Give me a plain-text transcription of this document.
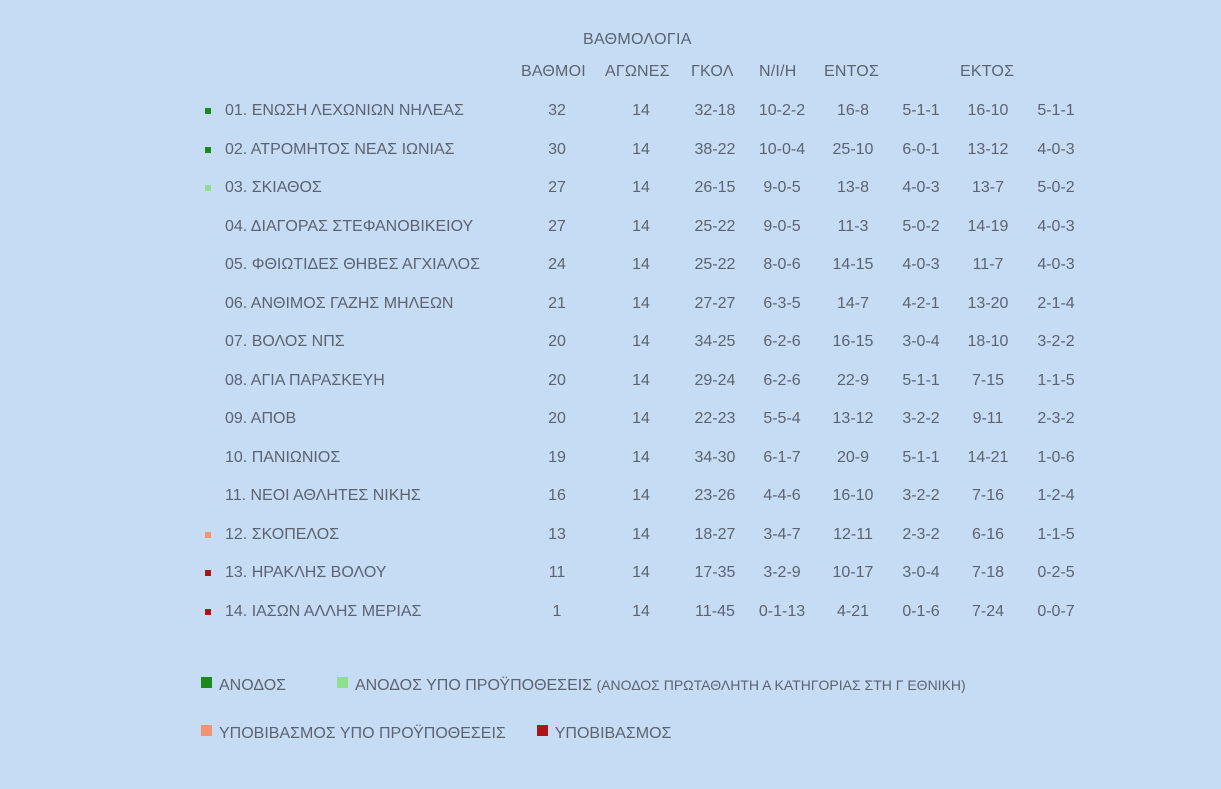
ΒΑΘΜΟΛΟΓΙΑ
ΒΑΘΜΟΙ ΑΓΩΝΕΣ ΓΚΟΛ Ν/Ι/Η ΕΝΤΟΣ	ΕΚΤΟΣ
01. ΕΝΩΣΗ ΛΕΧΩΝΙΩΝ ΝΗΛΕΑΣ	32	14	32-18	10-2-2	16-8	5-1-1	16-10	5-1-1
02. ΑΤΡΟΜΗΤΟΣ ΝΕΑΣ ΙΩΝΙΑΣ	30	14	38-22	10-0-4	25-10	6-0-1	13-12	4-0-3
03. ΣΚΙΑΘΟΣ	27	14	26-15	9-0-5	13-8	4-0-3	13-7	5-0-2
04. ΔΙΑΓΟΡΑΣ ΣΤΕΦΑΝΟΒΙΚΕΙΟΥ	27	14	25-22	9-0-5	11-3	5-0-2	14-19	4-0-3
05. ΦΘΙΩΤΙΔΕΣ ΘΗΒΕΣ ΑΓΧΙΑΛΟΣ	24	14	25-22	8-0-6	14-15	4-0-3	11-7	4-0-3
06. ΑΝΘΙΜΟΣ ΓΑΖΗΣ ΜΗΛΕΩΝ	21	14	27-27	6-3-5	14-7	4-2-1	13-20	2-1-4
07. ΒΟΛΟΣ ΝΠΣ	20	14	34-25	6-2-6	16-15	3-0-4	18-10	3-2-2
08. ΑΓΙΑ ΠΑΡΑΣΚΕΥΗ	20	14	29-24	6-2-6	22-9	5-1-1	7-15	1-1-5
09. ΑΠΟΒ	20	14	22-23	5-5-4	13-12	3-2-2	9-11	2-3-2
10. ΠΑΝΙΩΝΙΟΣ	19	14	34-30	6-1-7	20-9	5-1-1	14-21	1-0-6
11. ΝΕΟΙ ΑΘΛΗΤΕΣ ΝΙΚΗΣ	16	14	23-26	4-4-6	16-10	3-2-2	7-16	1-2-4
12. ΣΚΟΠΕΛΟΣ	13	14	18-27	3-4-7	12-11	2-3-2	6-16	1-1-5
13. ΗΡΑΚΛΗΣ ΒΟΛΟΥ	11	14	17-35	3-2-9	10-17	3-0-4	7-18	0-2-5
14. ΙΑΣΩΝ ΑΛΛΗΣ ΜΕΡΙΑΣ	1	14	11-45	0-1-13	4-21	0-1-6	7-24	0-0-7
ΑΝΟΔΟΣ	ΑΝΟΔΟΣ ΥΠΟ ΠΡΟΫΠΟΘΕΣΕΙΣ (ΑΝΟΔΟΣ ΠΡΩΤΑΘΛΗΤΗ Α ΚΑΤΗΓΟΡΙΑΣ ΣΤΗ Γ ΕΘΝΙΚΗ)
ΥΠΟΒΙΒΑΣΜΟΣ ΥΠΟ ΠΡΟΫΠΟΘΕΣΕΙΣ	ΥΠΟΒΙΒΑΣΜΟΣ
